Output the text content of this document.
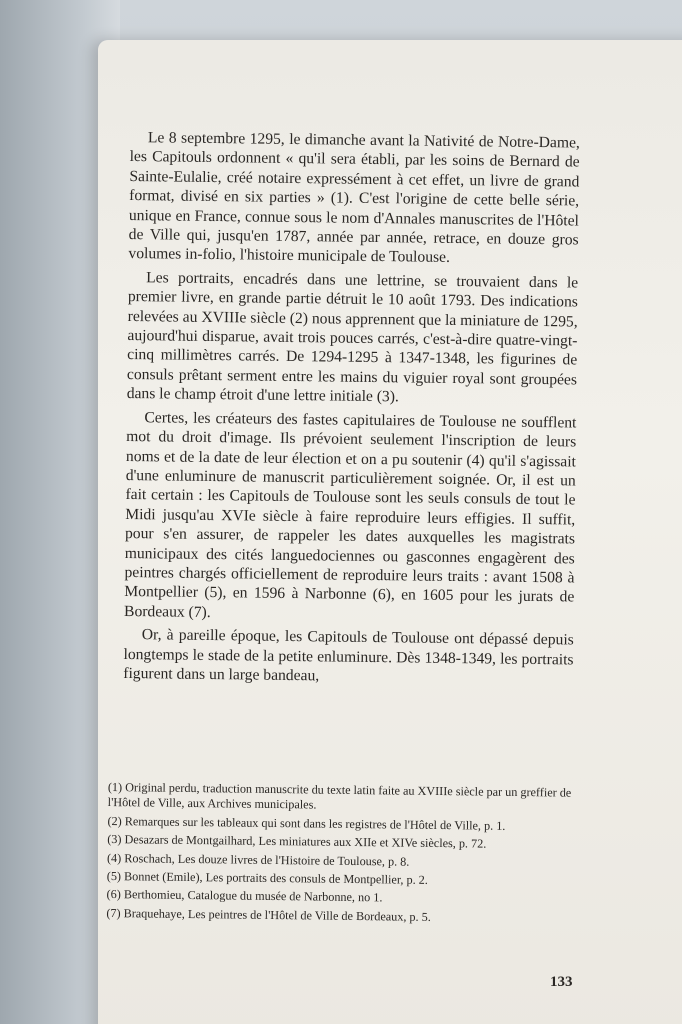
Le 8 septembre 1295, le dimanche avant la Nativité de Notre-Dame, les Capitouls ordonnent « qu'il sera établi, par les soins de Bernard de Sainte-Eulalie, créé notaire expressément à cet effet, un livre de grand format, divisé en six parties » (1). C'est l'origine de cette belle série, unique en France, connue sous le nom d'Annales manuscrites de l'Hôtel de Ville qui, jusqu'en 1787, année par année, retrace, en douze gros volumes in-folio, l'histoire municipale de Toulouse.

Les portraits, encadrés dans une lettrine, se trouvaient dans le premier livre, en grande partie détruit le 10 août 1793. Des indications relevées au XVIIIe siècle (2) nous apprennent que la miniature de 1295, aujourd'hui disparue, avait trois pouces carrés, c'est-à-dire quatre-vingt-cinq millimètres carrés. De 1294-1295 à 1347-1348, les figurines de consuls prêtant serment entre les mains du viguier royal sont groupées dans le champ étroit d'une lettre initiale (3).

Certes, les créateurs des fastes capitulaires de Toulouse ne soufflent mot du droit d'image. Ils prévoient seulement l'inscription de leurs noms et de la date de leur élection et on a pu soutenir (4) qu'il s'agissait d'une enluminure de manuscrit particulièrement soignée. Or, il est un fait certain : les Capitouls de Toulouse sont les seuls consuls de tout le Midi jusqu'au XVIe siècle à faire reproduire leurs effigies. Il suffit, pour s'en assurer, de rappeler les dates auxquelles les magistrats municipaux des cités languedociennes ou gasconnes engagèrent des peintres chargés officiellement de reproduire leurs traits : avant 1508 à Montpellier (5), en 1596 à Narbonne (6), en 1605 pour les jurats de Bordeaux (7).

Or, à pareille époque, les Capitouls de Toulouse ont dépassé depuis longtemps le stade de la petite enluminure. Dès 1348-1349, les portraits figurent dans un large bandeau,

(1) Original perdu, traduction manuscrite du texte latin faite au XVIIIe siècle par un greffier de l'Hôtel de Ville, aux Archives municipales.

(2) Remarques sur les tableaux qui sont dans les registres de l'Hôtel de Ville, p. 1.

(3) Desazars de Montgailhard, Les miniatures aux XIIe et XIVe siècles, p. 72.

(4) Roschach, Les douze livres de l'Histoire de Toulouse, p. 8.

(5) Bonnet (Emile), Les portraits des consuls de Montpellier, p. 2.

(6) Berthomieu, Catalogue du musée de Narbonne, no 1.

(7) Braquehaye, Les peintres de l'Hôtel de Ville de Bordeaux, p. 5.

133
